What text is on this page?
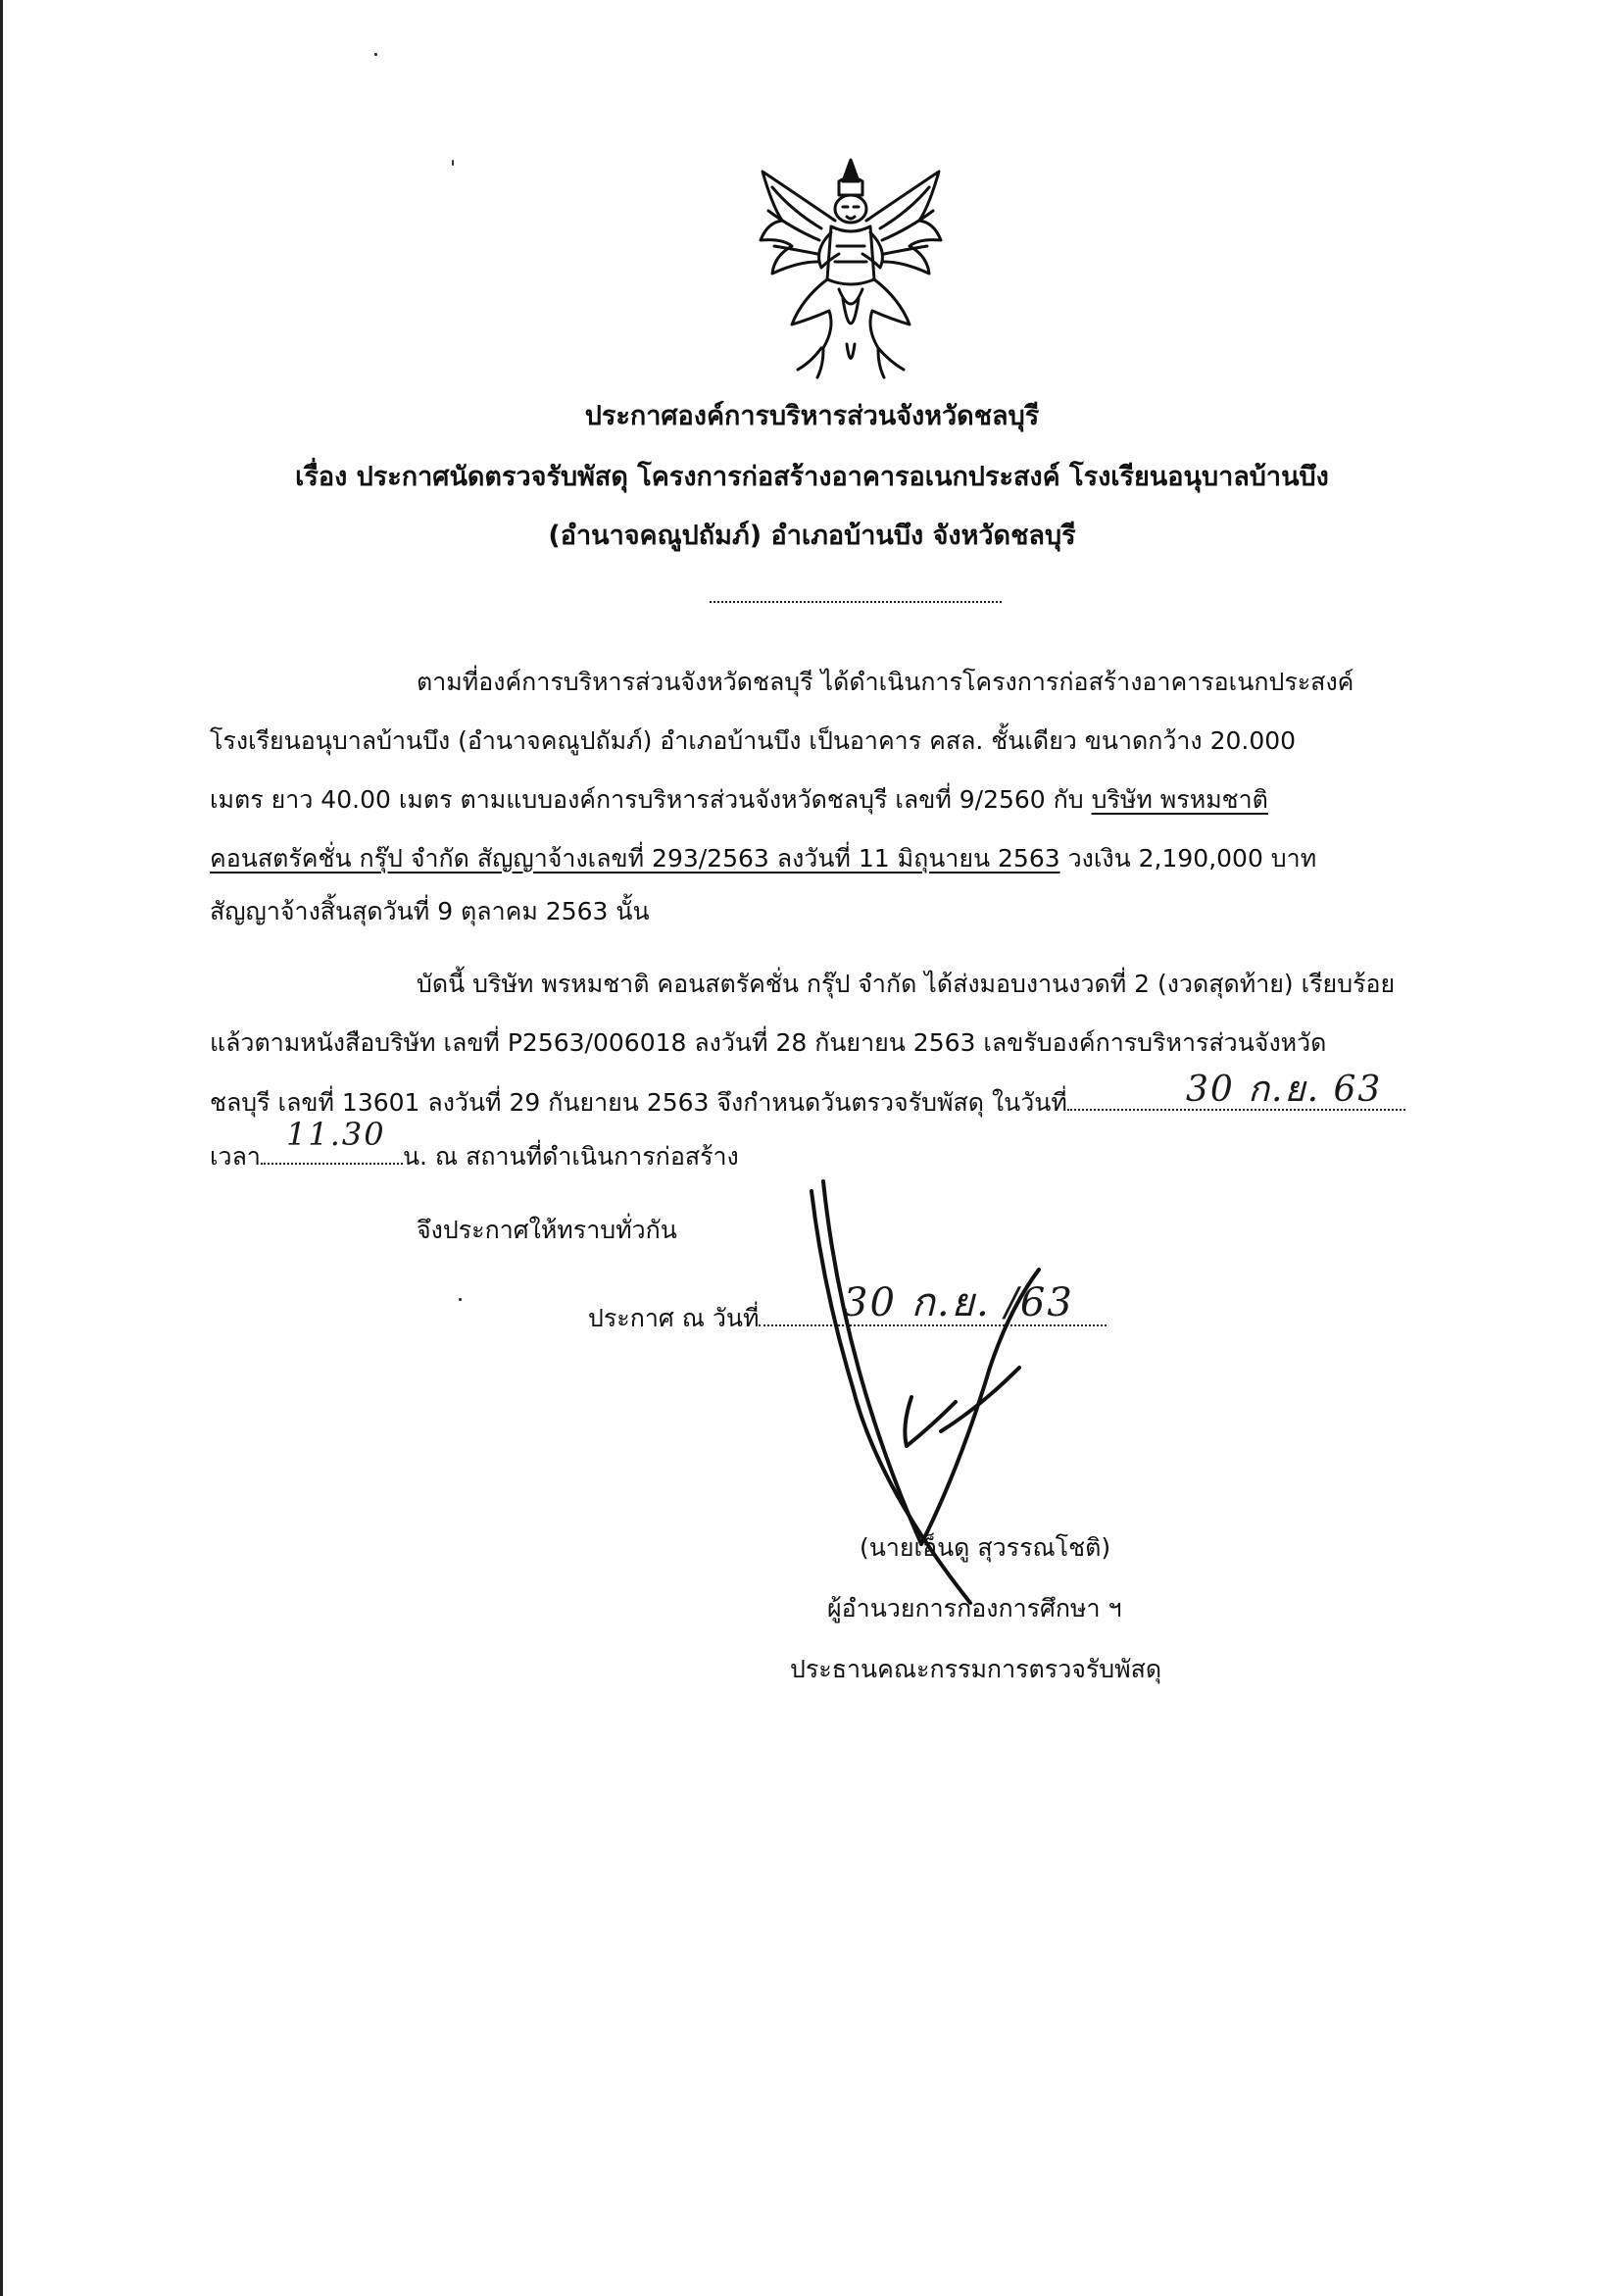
ประกาศองค์การบริหารส่วนจังหวัดชลบุรี
เรื่อง ประกาศนัดตรวจรับพัสดุ โครงการก่อสร้างอาคารอเนกประสงค์ โรงเรียนอนุบาลบ้านบึง
(อำนาจคณูปถัมภ์) อำเภอบ้านบึง จังหวัดชลบุรี
ตามที่องค์การบริหารส่วนจังหวัดชลบุรี ได้ดำเนินการโครงการก่อสร้างอาคารอเนกประสงค์
โรงเรียนอนุบาลบ้านบึง (อำนาจคณูปถัมภ์) อำเภอบ้านบึง เป็นอาคาร คสล. ชั้นเดียว ขนาดกว้าง 20.000
เมตร ยาว 40.00 เมตร ตามแบบองค์การบริหารส่วนจังหวัดชลบุรี เลขที่ 9/2560 กับ บริษัท พรหมชาติ
คอนสตรัคชั่น กรุ๊ป จำกัด สัญญาจ้างเลขที่ 293/2563 ลงวันที่ 11 มิถุนายน 2563 วงเงิน 2,190,000 บาท
สัญญาจ้างสิ้นสุดวันที่ 9 ตุลาคม 2563 นั้น
บัดนี้ บริษัท พรหมชาติ คอนสตรัคชั่น กรุ๊ป จำกัด ได้ส่งมอบงานงวดที่ 2 (งวดสุดท้าย) เรียบร้อย
แล้วตามหนังสือบริษัท เลขที่ P2563/006018 ลงวันที่ 28 กันยายน 2563 เลขรับองค์การบริหารส่วนจังหวัด
ชลบุรี เลขที่ 13601 ลงวันที่ 29 กันยายน 2563 จึงกำหนดวันตรวจรับพัสดุ ในวันที่	30 ก.ย. 63
เวลา	น. ณ สถานที่ดำเนินการก่อสร้าง
11.30
จึงประกาศให้ทราบทั่วกัน
ประกาศ ณ วันที่	30 ก.ย. /63
(นายเอ็นดู สุวรรณโชติ)
ผู้อำนวยการกองการศึกษา ฯ
ประธานคณะกรรมการตรวจรับพัสดุ
